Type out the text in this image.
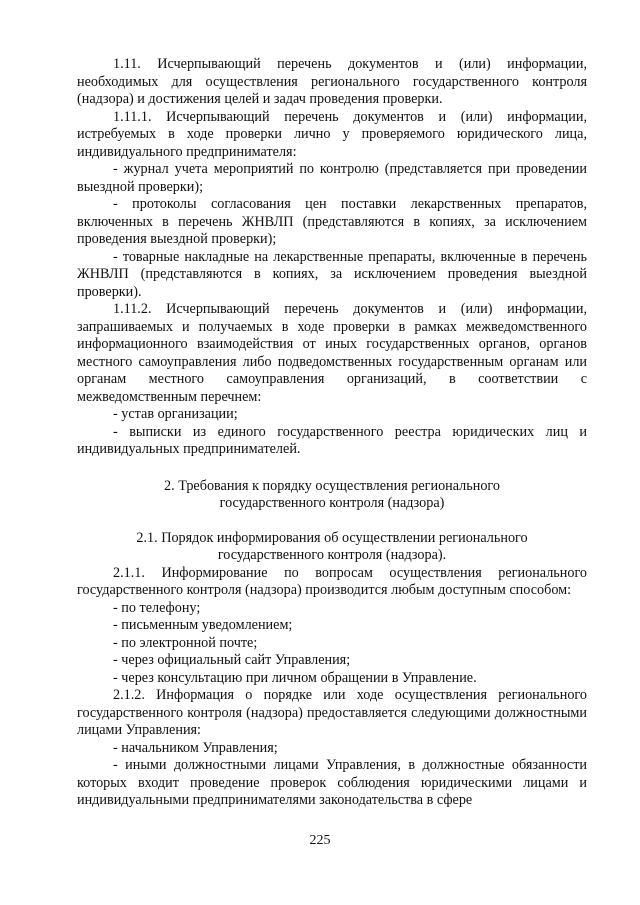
1.11. Исчерпывающий перечень документов и (или) информации, необходимых для осуществления регионального государственного контроля (надзора) и достижения целей и задач проведения проверки.

1.11.1. Исчерпывающий перечень документов и (или) информации, истребуемых в ходе проверки лично у проверяемого юридического лица, индивидуального предпринимателя:

- журнал учета мероприятий по контролю (представляется при проведении выездной проверки);

- протоколы согласования цен поставки лекарственных препаратов, включенных в перечень ЖНВЛП (представляются в копиях, за исключением проведения выездной проверки);

- товарные накладные на лекарственные препараты, включенные в перечень ЖНВЛП (представляются в копиях, за исключением проведения выездной проверки).

1.11.2. Исчерпывающий перечень документов и (или) информации, запрашиваемых и получаемых в ходе проверки в рамках межведомственного информационного взаимодействия от иных государственных органов, органов местного самоуправления либо подведомственных государственным органам или органам местного самоуправления организаций, в соответствии с межведомственным перечнем:

- устав организации;

- выписки из единого государственного реестра юридических лиц и индивидуальных предпринимателей.

2. Требования к порядку осуществления регионального

государственного контроля (надзора)

2.1. Порядок информирования об осуществлении регионального

государственного контроля (надзора).

2.1.1. Информирование по вопросам осуществления регионального государственного контроля (надзора) производится любым доступным способом:

- по телефону;

- письменным уведомлением;

- по электронной почте;

- через официальный сайт Управления;

- через консультацию при личном обращении в Управление.

2.1.2. Информация о порядке или ходе осуществления регионального государственного контроля (надзора) предоставляется следующими должностными лицами Управления:

- начальником Управления;

- иными должностными лицами Управления, в должностные обязанности которых входит проведение проверок соблюдения юридическими лицами и индивидуальными предпринимателями законодательства в сфере

225
